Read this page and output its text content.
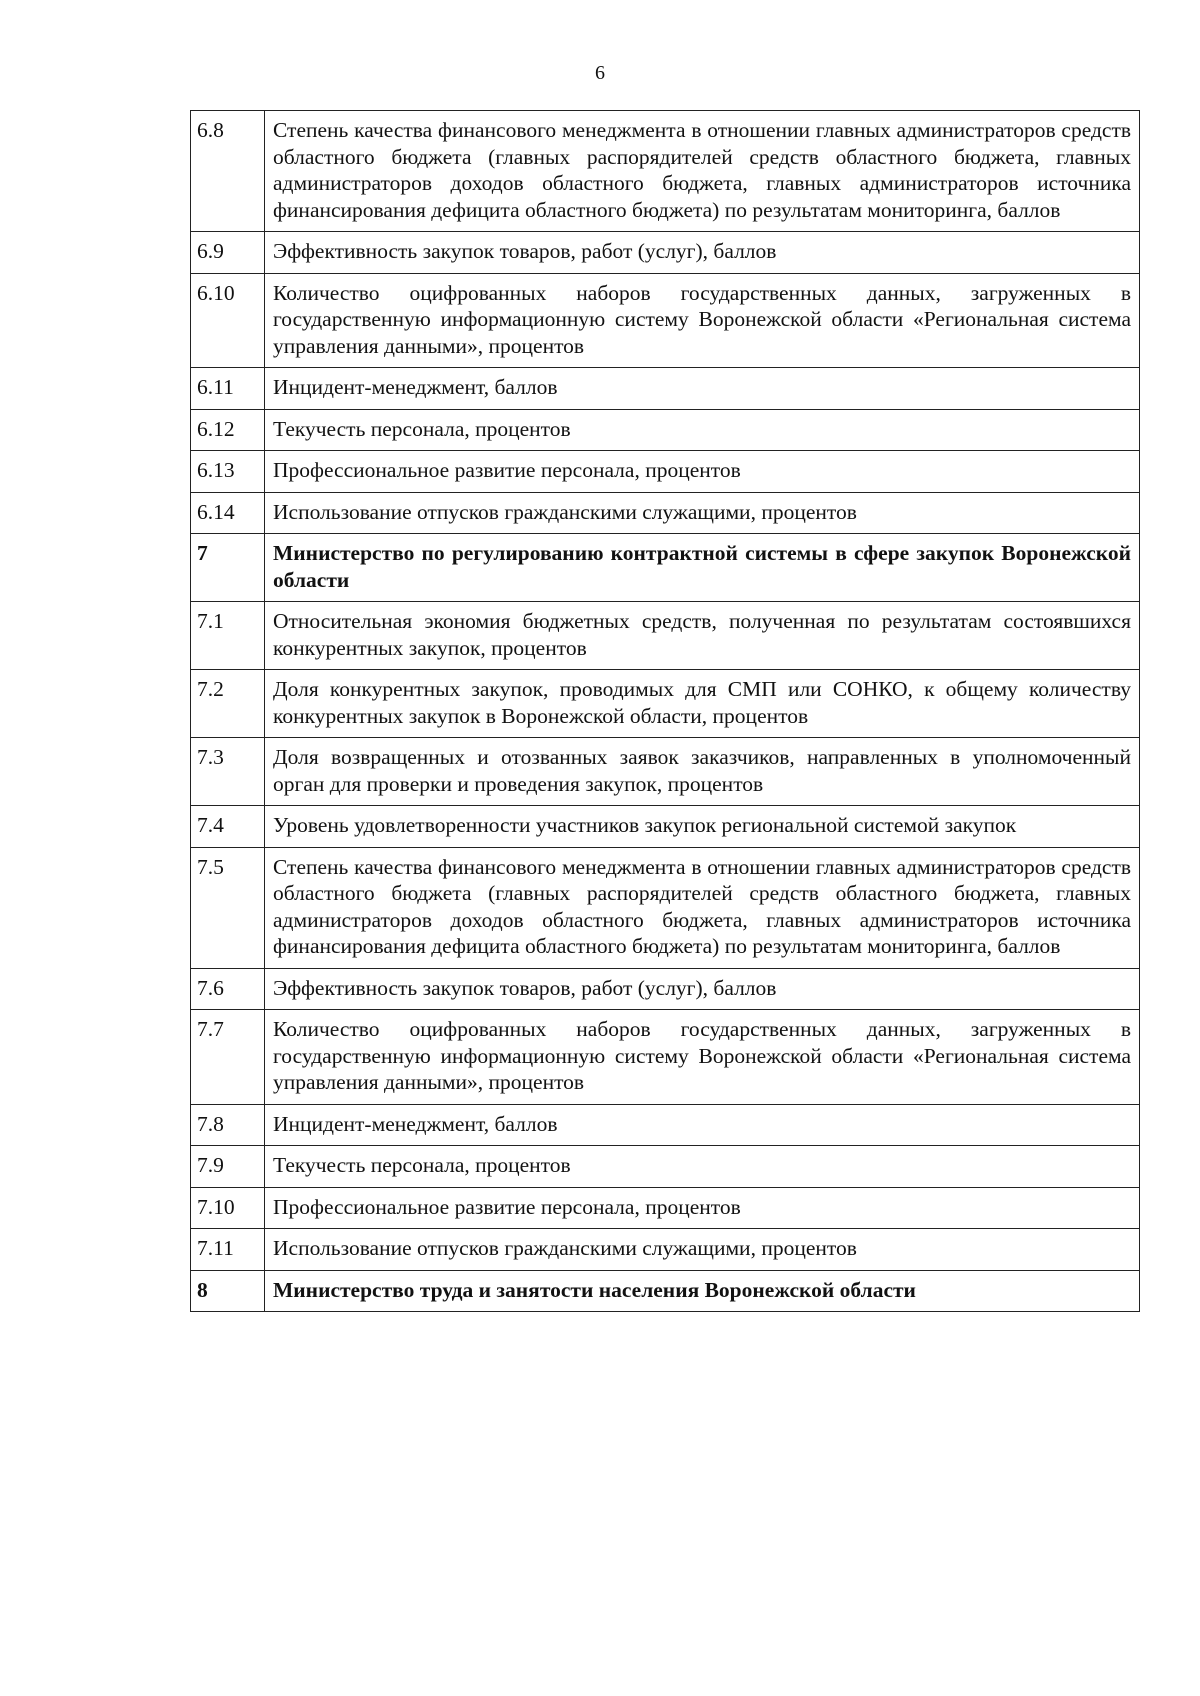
6
6.8	Степень качества финансового менеджмента в отношении главных администраторов средств областного бюджета (главных распорядителей средств областного бюджета, главных администраторов доходов областного бюджета, главных администраторов источника финансирования дефицита областного бюджета) по результатам мониторинга, баллов
6.9	Эффективность закупок товаров, работ (услуг), баллов
6.10	Количество оцифрованных наборов государственных данных, загруженных в государственную информационную систему Воронежской области «Региональная система управления данными», процентов
6.11	Инцидент-менеджмент, баллов
6.12	Текучесть персонала, процентов
6.13	Профессиональное развитие персонала, процентов
6.14	Использование отпусков гражданскими служащими, процентов
7	Министерство по регулированию контрактной системы в сфере закупок Воронежской области
7.1	Относительная экономия бюджетных средств, полученная по результатам состоявшихся конкурентных закупок, процентов
7.2	Доля конкурентных закупок, проводимых для СМП или СОНКО, к общему количеству конкурентных закупок в Воронежской области, процентов
7.3	Доля возвращенных и отозванных заявок заказчиков, направленных в уполномоченный орган для проверки и проведения закупок, процентов
7.4	Уровень удовлетворенности участников закупок региональной системой закупок
7.5	Степень качества финансового менеджмента в отношении главных администраторов средств областного бюджета (главных распорядителей средств областного бюджета, главных администраторов доходов областного бюджета, главных администраторов источника финансирования дефицита областного бюджета) по результатам мониторинга, баллов
7.6	Эффективность закупок товаров, работ (услуг), баллов
7.7	Количество оцифрованных наборов государственных данных, загруженных в государственную информационную систему Воронежской области «Региональная система управления данными», процентов
7.8	Инцидент-менеджмент, баллов
7.9	Текучесть персонала, процентов
7.10	Профессиональное развитие персонала, процентов
7.11	Использование отпусков гражданскими служащими, процентов
8	Министерство труда и занятости населения Воронежской области
